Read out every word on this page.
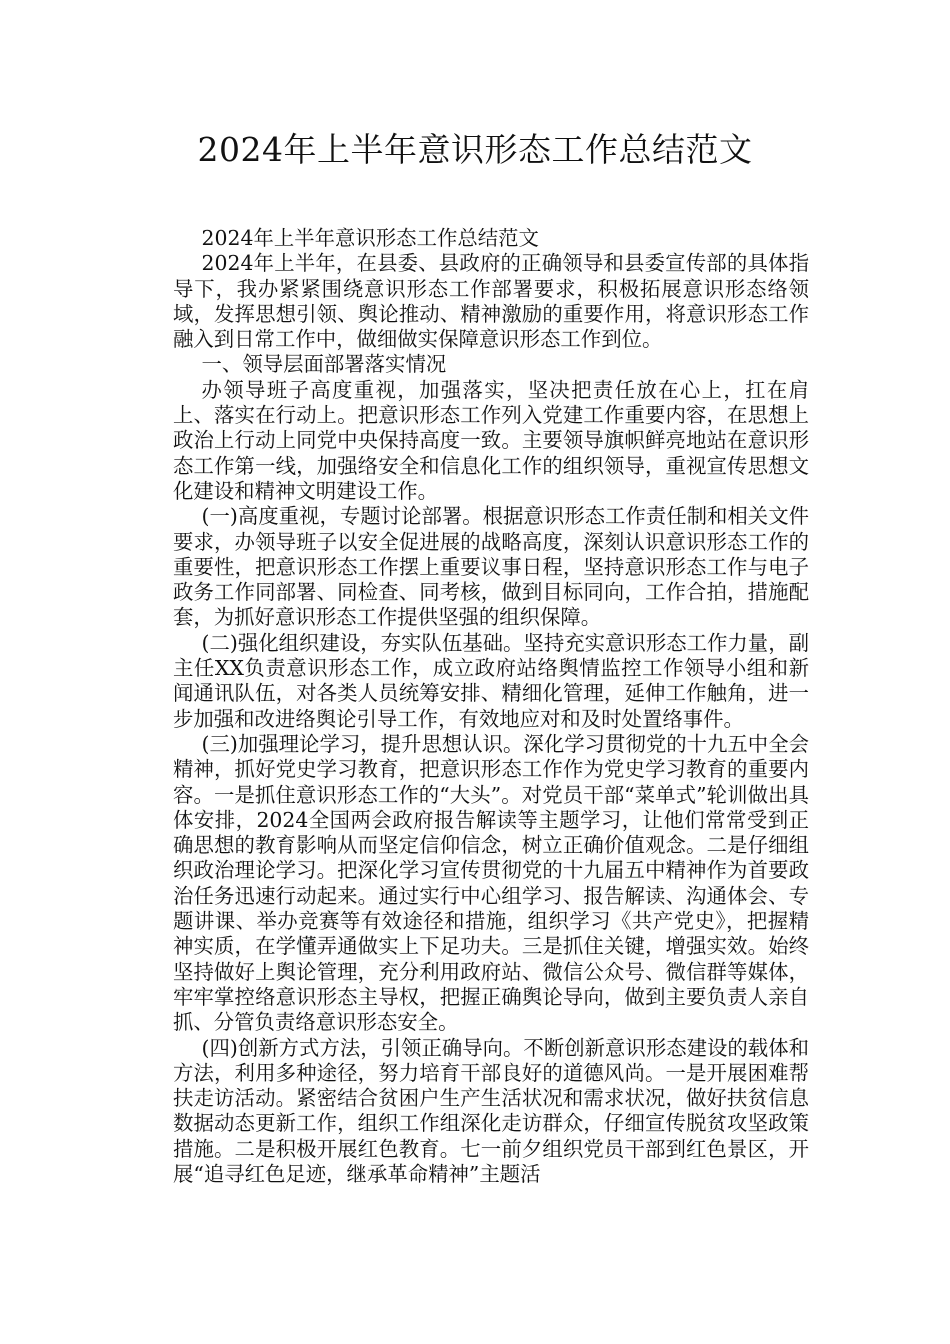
2024年上半年意识形态工作总结范文

2024年上半年意识形态工作总结范文

2024年上半年，在县委、县政府的正确领导和县委宣传部的具体指导下，我办紧紧围绕意识形态工作部署要求，积极拓展意识形态络领域，发挥思想引领、舆论推动、精神激励的重要作用，将意识形态工作融入到日常工作中，做细做实保障意识形态工作到位。

一、领导层面部署落实情况

办领导班子高度重视，加强落实，坚决把责任放在心上，扛在肩上、落实在行动上。把意识形态工作列入党建工作重要内容，在思想上政治上行动上同党中央保持高度一致。主要领导旗帜鲜亮地站在意识形态工作第一线，加强络安全和信息化工作的组织领导，重视宣传思想文化建设和精神文明建设工作。

(一)高度重视，专题讨论部署。根据意识形态工作责任制和相关文件要求，办领导班子以安全促进展的战略高度，深刻认识意识形态工作的重要性，把意识形态工作摆上重要议事日程，坚持意识形态工作与电子政务工作同部署、同检查、同考核，做到目标同向，工作合拍，措施配套，为抓好意识形态工作提供坚强的组织保障。

(二)强化组织建设，夯实队伍基础。坚持充实意识形态工作力量，副主任XX负责意识形态工作，成立政府站络舆情监控工作领导小组和新闻通讯队伍，对各类人员统筹安排、精细化管理，延伸工作触角，进一步加强和改进络舆论引导工作，有效地应对和及时处置络事件。

(三)加强理论学习，提升思想认识。深化学习贯彻党的十九五中全会精神，抓好党史学习教育，把意识形态工作作为党史学习教育的重要内容。一是抓住意识形态工作的“大头”。对党员干部“菜单式”轮训做出具体安排，2024全国两会政府报告解读等主题学习，让他们常常受到正确思想的教育影响从而坚定信仰信念，树立正确价值观念。二是仔细组织政治理论学习。把深化学习宣传贯彻党的十九届五中精神作为首要政治任务迅速行动起来。通过实行中心组学习、报告解读、沟通体会、专题讲课、举办竞赛等有效途径和措施，组织学习《共产党史》，把握精神实质，在学懂弄通做实上下足功夫。三是抓住关键，增强实效。始终坚持做好上舆论管理，充分利用政府站、微信公众号、微信群等媒体，牢牢掌控络意识形态主导权，把握正确舆论导向，做到主要负责人亲自抓、分管负责络意识形态安全。

(四)创新方式方法，引领正确导向。不断创新意识形态建设的载体和方法，利用多种途径，努力培育干部良好的道德风尚。一是开展困难帮扶走访活动。紧密结合贫困户生产生活状况和需求状况，做好扶贫信息数据动态更新工作，组织工作组深化走访群众，仔细宣传脱贫攻坚政策措施。二是积极开展红色教育。七一前夕组织党员干部到红色景区，开展“追寻红色足迹，继承革命精神”主题活
